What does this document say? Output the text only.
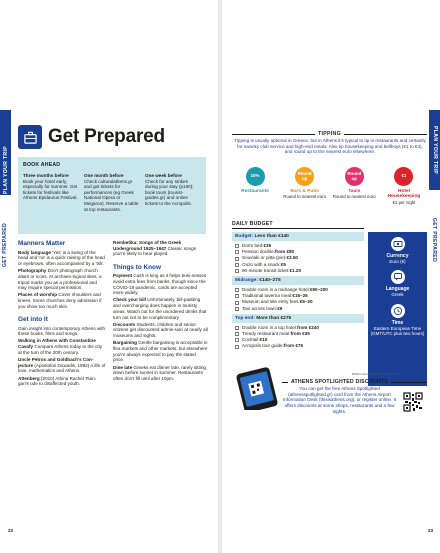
PLAN YOUR TRIP
GET PREPARED
Get Prepared
BOOK AHEAD
Three months before
Book your hotel early, especially for summer. Get tickets for festivals like Athens Epidaurus Festival.
One month before
Check culturalathens.gr and get tickets for performances (eg Greek National Opera or Megaron). Reserve a table at top restaurants.
One week before
Check for any strikes during your stay (p160); book tours (tourist-guides.gr) and online tickets to the Acropolis.
Manners Matter

Body language 'Yes' is a swing of the head and 'no' is a quick raising of the head or eyebrows, often accompanied by a 'tsk'.

Photography Don't photograph church altars or icons. At archaeo-logical sites, a tripod marks you as a professional and may require special permission.

Places of worship Cover shoulders and knees. Some churches deny admission if you show too much skin.

Get into It

Gain insight into contemporary Athens with these books, films and songs.

Walking in Athens with Constantine Cavafy Compare Athens today to the city at the turn of the 20th century.

Uncle Petros and Goldbach's Con-jecture (Apostolos Doxiadis; 1992) A life of love, mathematics and Athens.

Attenberg (2010) Athina Rachel Tsan-gari's ode to disaffected youth.

Rembetika: Songs of the Greek Underground 1925–1947 Classic songs you're likely to hear played.

Things to Know

Payment Cash is king as it helps busi-nesses avoid extra fees from banks, though since the COVID-19 pandemic, cards are accepted more widely.

Check your bill Unfortunately, bill-padding and overcharging does happen in touristy areas. Watch out for the unordered drinks that turn out not to be complimentary.

Discounts Students, children and senior citizens get discounted admis-sion at nearly all museums and sights.

Bargaining Gentle bargaining is acceptable in flea markets and other markets, but elsewhere you're always expected to pay the stated price.

Dine late Greeks eat dinner late, rarely sitting down before sunset in summer. Restaurants often don't fill until after 10pm.

22
PLAN YOUR TRIP
GET PREPARED
TIPPING

Tipping is usually optional in Greece, but in Athens it's typical to tip in restaurants and certainly for swanky club service and high-end meals. Also tip housekeeping and bellboys (€1 to €3), and round up to the nearest euro elsewhere.

10%
Restaurants
Round up
Bars & Pubs
Round to nearest euro
Round up
Taxis
Round to nearest euro
€1
Hotel Housekeeping
€1 per night
DAILY BUDGET
Budget: Less than €140
Dorm bed: €35
Pension double: from €80
Souvlaki or pitta (pie): €3.50
Ouzo with a snack: €5
90-minute transit ticket: €1.20
Midrange: €140–275
Double room in a midrange hotel: €90–200
Traditional taverna meal: €15–25
Museum and site entry fees: €5–20
Taxi across town: €9
Top end: More than €275
Double room in a top hotel: from €240
Trendy restaurant meal: from €35
Cocktail: €10
Acropolis tour guide: from €75
Currency
Euro (€)
Language
Greek
Time
Eastern European Time (GMT/UTC plus two hours)
BRIAN GALAVAN/SHUTTERSTOCK ©
ATHENS SPOTLIGHTED DISCOUNTS

You can get the free Athens Spotlighted (athensspotlighted.gr) card from the Athens Airport Information Desk (thisisathens.org), or register online. It offers discounts at some shops, restaurants and a few sights.

23
